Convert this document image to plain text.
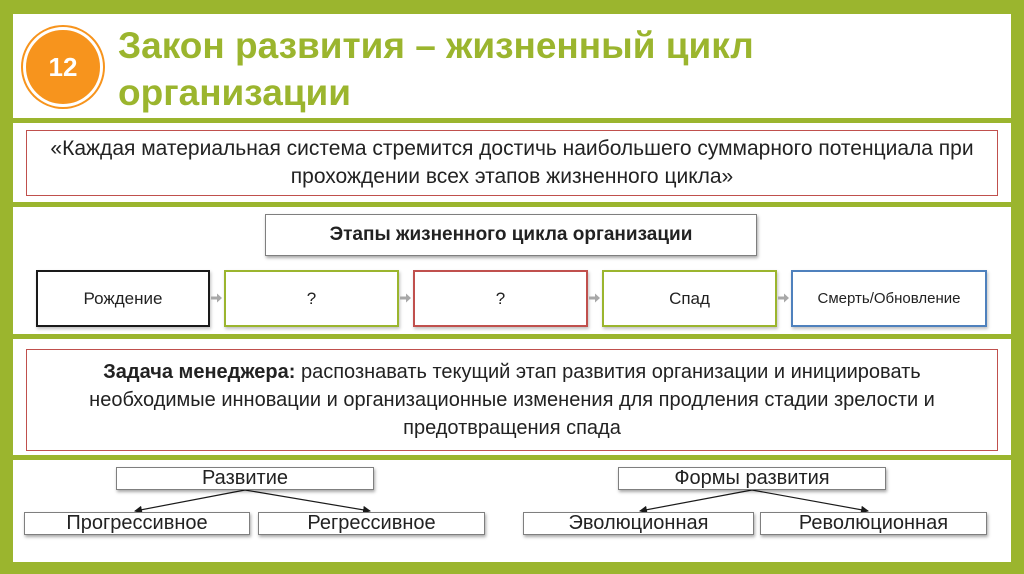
12
Закон развития – жизненный цикл организации
«Каждая материальная система стремится достичь наибольшего суммарного потенциала при прохождении всех этапов жизненного цикла»
Этапы жизненного цикла организации
Рождение	?	?	Спад	Смерть/Обновление
Задача менеджера: распознавать текущий этап развития организации и инициировать необходимые инновации и организационные изменения для продления стадии зрелости и предотвращения спада
Развитие
Прогрессивное	Регрессивное
Формы развития
Эволюционная	Революционная
